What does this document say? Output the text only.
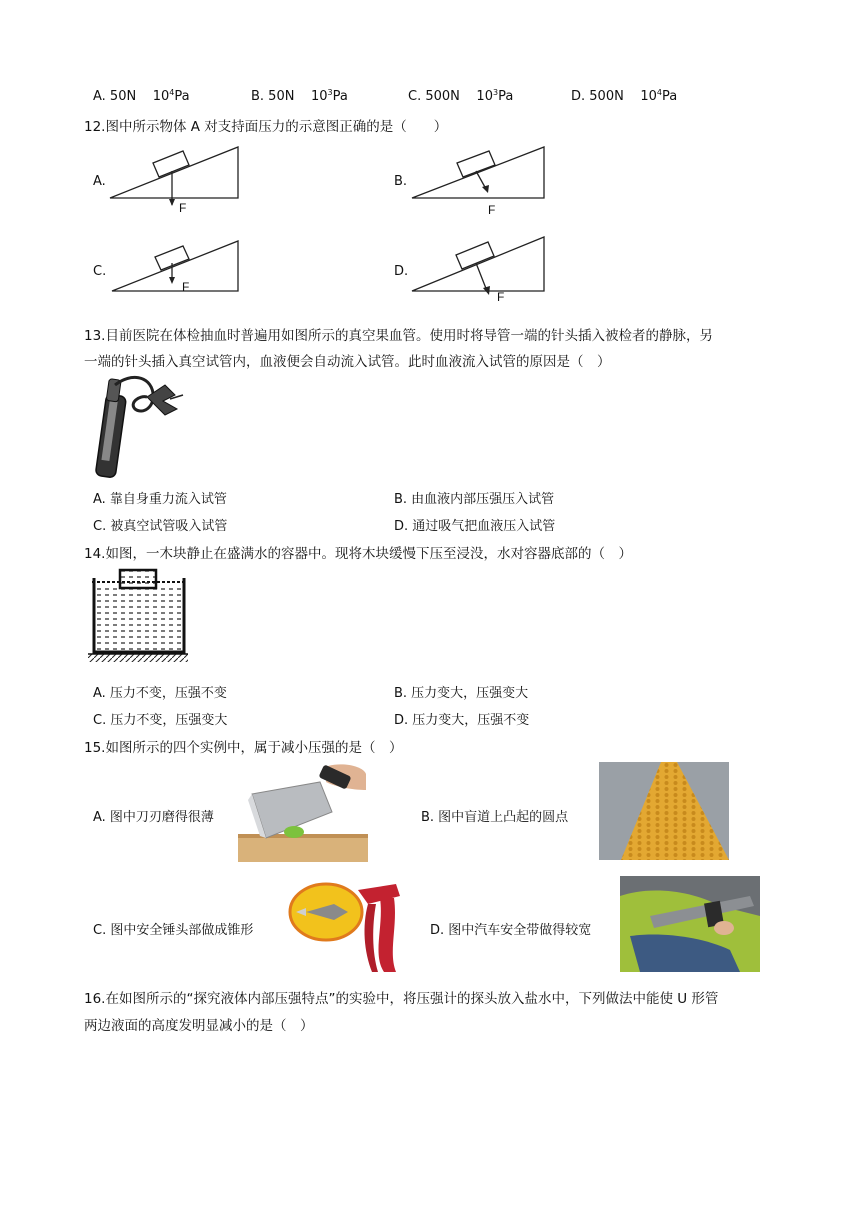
A. 50N $10^4Pa$	B. 50N $10^3Pa$	C. 500N $10^3Pa$	D. 500N $10^4Pa$
12.图中所示物体 A 对支持面压力的示意图正确的是（　　）
A.
F
B.
F
C.
F
D.
F
13.目前医院在体检抽血时普遍用如图所示的真空果血管。使用时将导管一端的针头插入被检者的静脉，另
一端的针头插入真空试管内，血液便会自动流入试管。此时血液流入试管的原因是（　）
A. 靠自身重力流入试管	B. 由血液内部压强压入试管
C. 被真空试管吸入试管	D. 通过吸气把血液压入试管
14.如图，一木块静止在盛满水的容器中。现将木块缓慢下压至浸没，水对容器底部的（　）
A. 压力不变，压强不变	B. 压力变大，压强变大
C. 压力不变，压强变大	D. 压力变大，压强不变
15.如图所示的四个实例中，属于减小压强的是（　）
A. 图中刀刃磨得很薄	B. 图中盲道上凸起的圆点
C. 图中安全锤头部做成锥形	D. 图中汽车安全带做得较宽
16.在如图所示的“探究液体内部压强特点”的实验中，将压强计的探头放入盐水中，下列做法中能使 U 形管
两边液面的高度发明显减小的是（　）
